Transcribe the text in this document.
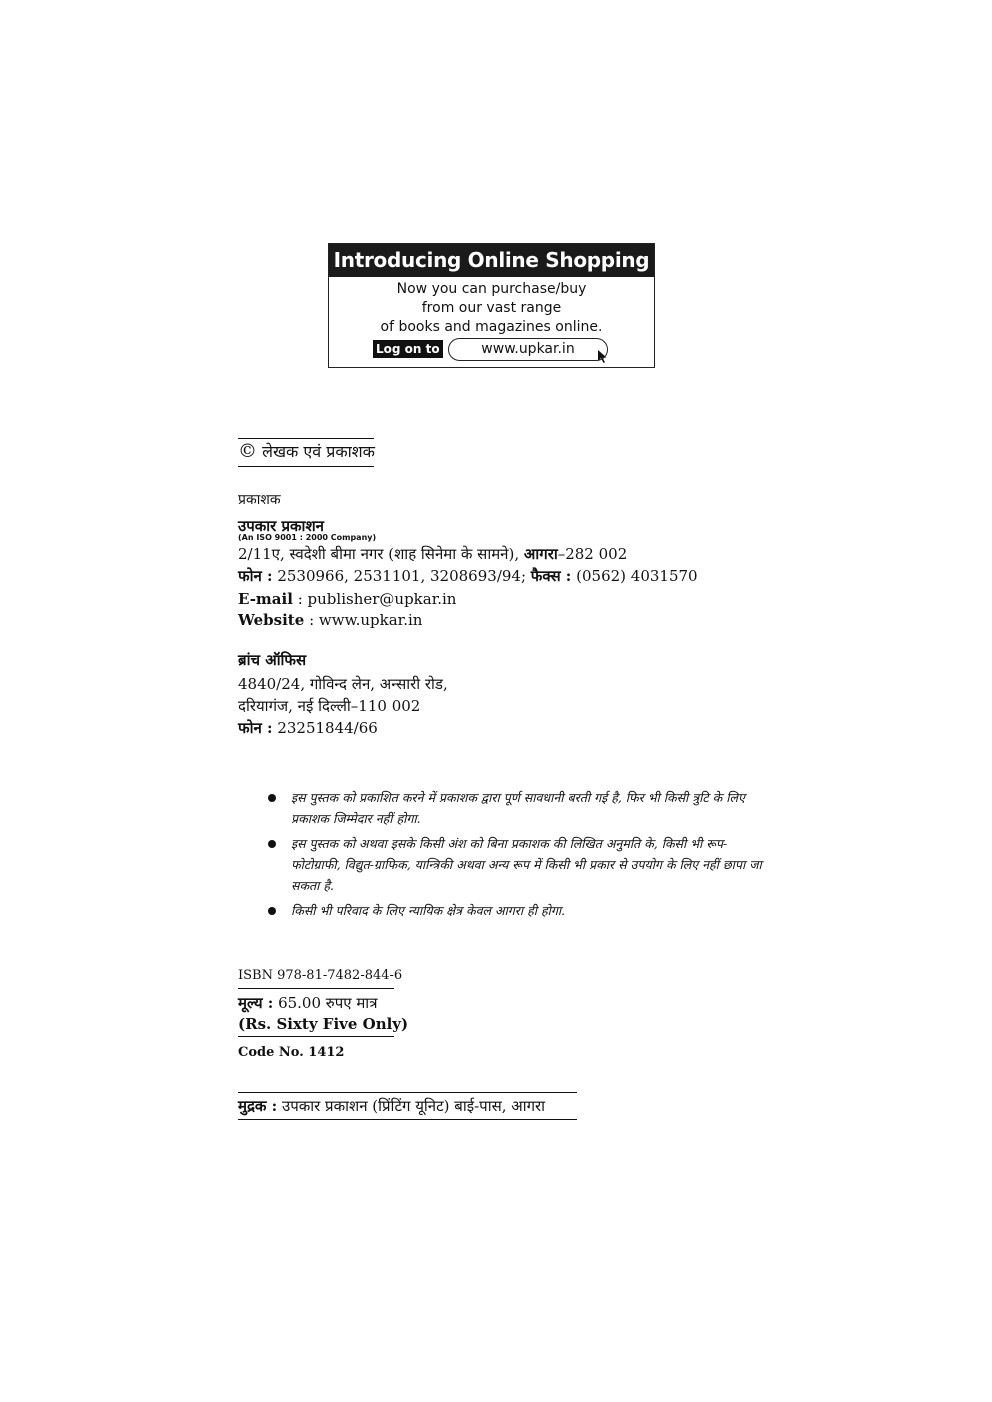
Introducing Online Shopping
Now you can purchase/buy
from our vast range
of books and magazines online.
Log on to	www.upkar.in
© लेखक एवं प्रकाशक
प्रकाशक
उपकार प्रकाशन
(An ISO 9001 : 2000 Company)
2/11ए, स्वदेशी बीमा नगर (शाह सिनेमा के सामने), आगरा–282 002
फोन : 2530966, 2531101, 3208693/94; फैक्स : (0562) 4031570
E-mail : publisher@upkar.in
Website : www.upkar.in
ब्रांच ऑफिस
4840/24, गोविन्द लेन, अन्सारी रोड,
दरियागंज, नई दिल्ली–110 002
फोन : 23251844/66
इस पुस्तक को प्रकाशित करने में प्रकाशक द्वारा पूर्ण सावधानी बरती गई है, फिर भी किसी त्रुटि के लिए प्रकाशक जिम्मेदार नहीं होगा.
इस पुस्तक को अथवा इसके किसी अंश को बिना प्रकाशक की लिखित अनुमति के, किसी भी रूप-फोटोग्राफी, विद्युत-ग्राफिक, यान्त्रिकी अथवा अन्य रूप में किसी भी प्रकार से उपयोग के लिए नहीं छापा जा सकता है.
किसी भी परिवाद के लिए न्यायिक क्षेत्र केवल आगरा ही होगा.
ISBN 978-81-7482-844-6
मूल्य : 65.00 रुपए मात्र
(Rs. Sixty Five Only)
Code No. 1412
मुद्रक : उपकार प्रकाशन (प्रिंटिंग यूनिट) बाई-पास, आगरा
